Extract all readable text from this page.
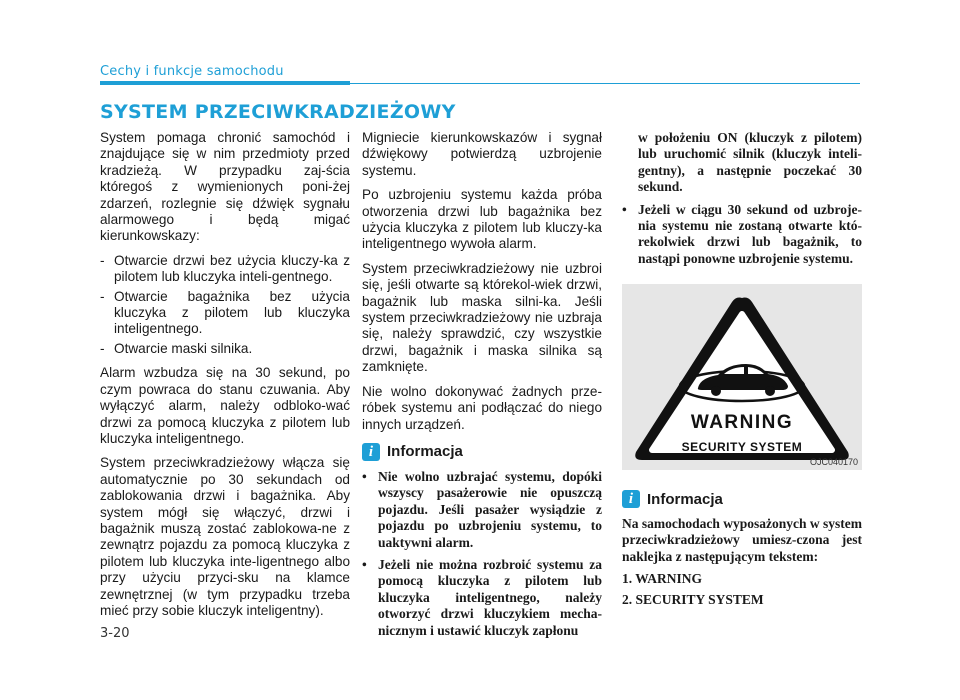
Cechy i funkcje samochodu
SYSTEM PRZECIWKRADZIEŻOWY

System pomaga chronić samochód i znajdujące się w nim przedmioty przed kradzieżą. W przypadku zaj-ścia któregoś z wymienionych poni-żej zdarzeń, rozlegnie się dźwięk sygnału alarmowego i będą migać kierunkowskazy:

- Otwarcie drzwi bez użycia kluczy-ka z pilotem lub kluczyka inteli-gentnego.
- Otwarcie bagażnika bez użycia kluczyka z pilotem lub kluczyka inteligentnego.
- Otwarcie maski silnika.

Alarm wzbudza się na 30 sekund, po czym powraca do stanu czuwania. Aby wyłączyć alarm, należy odbloko-wać drzwi za pomocą kluczyka z pilotem lub kluczyka inteligentnego.

System przeciwkradzieżowy włącza się automatycznie po 30 sekundach od zablokowania drzwi i bagażnika. Aby system mógł się włączyć, drzwi i bagażnik muszą zostać zablokowa-ne z zewnątrz pojazdu za pomocą kluczyka z pilotem lub kluczyka inte-ligentnego albo przy użyciu przyci-sku na klamce zewnętrznej (w tym przypadku trzeba mieć przy sobie kluczyk inteligentny).

Migniecie kierunkowskazów i sygnał dźwiękowy potwierdzą uzbrojenie systemu.

Po uzbrojeniu systemu każda próba otworzenia drzwi lub bagażnika bez użycia kluczyka z pilotem lub kluczy-ka inteligentnego wywoła alarm.

System przeciwkradzieżowy nie uzbroi się, jeśli otwarte są którekol-wiek drzwi, bagażnik lub maska silni-ka. Jeśli system przeciwkradzieżowy nie uzbraja się, należy sprawdzić, czy wszystkie drzwi, bagażnik i maska silnika są zamknięte.

Nie wolno dokonywać żadnych prze-róbek systemu ani podłączać do niego innych urządzeń.

i Informacja
• Nie wolno uzbrajać systemu, dopóki wszyscy pasażerowie nie opuszczą pojazdu. Jeśli pasażer wysiądzie z pojazdu po uzbrojeniu systemu, to uaktywni alarm.
• Jeżeli nie można rozbroić systemu za pomocą kluczyka z pilotem lub kluczyka inteligentnego, należy otworzyć drzwi kluczykiem mecha-nicznym i ustawić kluczyk zapłonu
w położeniu ON (kluczyk z pilotem) lub uruchomić silnik (kluczyk inteli-gentny), a następnie poczekać 30 sekund.
• Jeżeli w ciągu 30 sekund od uzbroje-nia systemu nie zostaną otwarte któ-rekolwiek drzwi lub bagażnik, to nastąpi ponowne uzbrojenie systemu.
WARNING
SECURITY SYSTEM
OJC040170
i Informacja
Na samochodach wyposażonych w system przeciwkradzieżowy umiesz-czona jest naklejka z następującym tekstem:
1. WARNING
2. SECURITY SYSTEM
3-20
